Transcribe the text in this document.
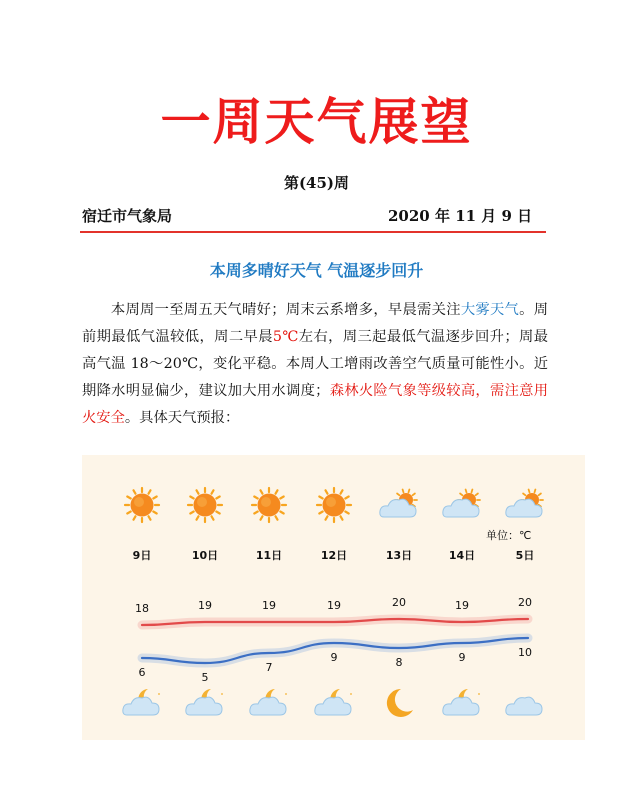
一周天气展望
第(45)周
宿迁市气象局	2020 年 11 月 9 日
本周多晴好天气 气温逐步回升
本周周一至周五天气晴好；周末云系增多，早晨需关注大雾天气。周前期最低气温较低，周二早晨5℃左右，周三起最低气温逐步回升；周最高气温 18～20℃，变化平稳。本周人工增雨改善空气质量可能性小。近期降水明显偏少，建议加大用水调度；森林火险气象等级较高，需注意用火安全。具体天气预报：
单位：℃
9日
18
6
10日
19
5
11日
19
7
12日
19
9
13日
20
8
14日
19
9
5日
20
10
